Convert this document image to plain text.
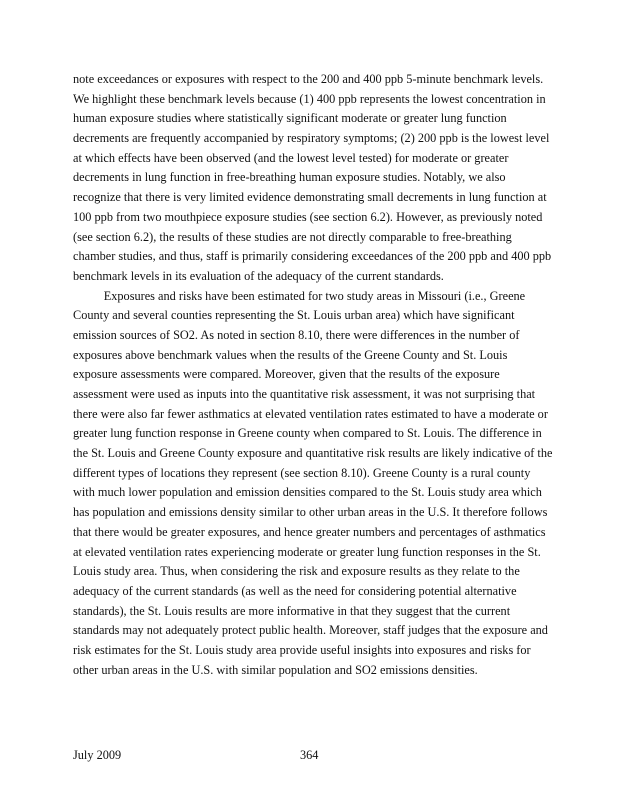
note exceedances or exposures with respect to the 200 and 400 ppb 5-minute benchmark levels.
We highlight these benchmark levels because (1) 400 ppb represents the lowest concentration in
human exposure studies where statistically significant moderate or greater lung function
decrements are frequently accompanied by respiratory symptoms; (2) 200 ppb is the lowest level
at which effects have been observed (and the lowest level tested) for moderate or greater
decrements in lung function in free-breathing human exposure studies. Notably, we also
recognize that there is very limited evidence demonstrating small decrements in lung function at
100 ppb from two mouthpiece exposure studies (see section 6.2). However, as previously noted
(see section 6.2), the results of these studies are not directly comparable to free-breathing
chamber studies, and thus, staff is primarily considering exceedances of the 200 ppb and 400 ppb
benchmark levels in its evaluation of the adequacy of the current standards.
Exposures and risks have been estimated for two study areas in Missouri (i.e., Greene
County and several counties representing the St. Louis urban area) which have significant
emission sources of SO2. As noted in section 8.10, there were differences in the number of
exposures above benchmark values when the results of the Greene County and St. Louis
exposure assessments were compared. Moreover, given that the results of the exposure
assessment were used as inputs into the quantitative risk assessment, it was not surprising that
there were also far fewer asthmatics at elevated ventilation rates estimated to have a moderate or
greater lung function response in Greene county when compared to St. Louis. The difference in
the St. Louis and Greene County exposure and quantitative risk results are likely indicative of the
different types of locations they represent (see section 8.10). Greene County is a rural county
with much lower population and emission densities compared to the St. Louis study area which
has population and emissions density similar to other urban areas in the U.S. It therefore follows
that there would be greater exposures, and hence greater numbers and percentages of asthmatics
at elevated ventilation rates experiencing moderate or greater lung function responses in the St.
Louis study area. Thus, when considering the risk and exposure results as they relate to the
adequacy of the current standards (as well as the need for considering potential alternative
standards), the St. Louis results are more informative in that they suggest that the current
standards may not adequately protect public health. Moreover, staff judges that the exposure and
risk estimates for the St. Louis study area provide useful insights into exposures and risks for
other urban areas in the U.S. with similar population and SO2 emissions densities.
July 2009	364
